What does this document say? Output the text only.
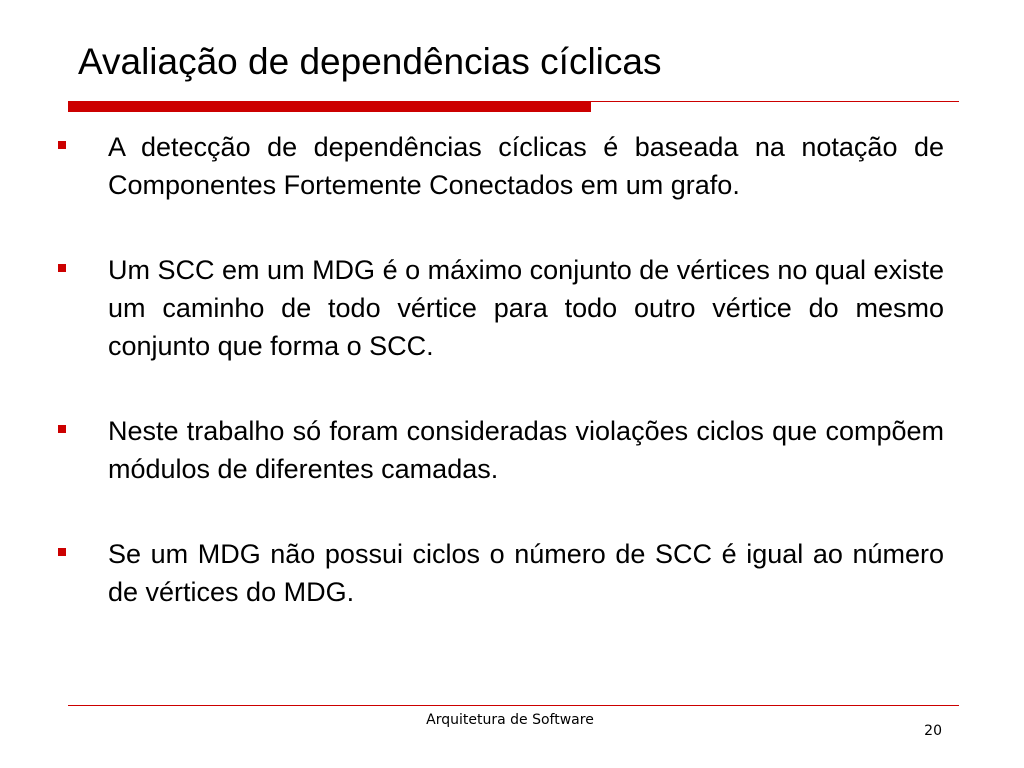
Avaliação de dependências cíclicas
A detecção de dependências cíclicas é baseada na notação de Componentes Fortemente Conectados em um grafo.
Um SCC em um MDG é o máximo conjunto de vértices no qual existe um caminho de todo vértice para todo outro vértice do mesmo conjunto que forma o SCC.
Neste trabalho só foram consideradas violações ciclos que compõem módulos de diferentes camadas.
Se um MDG não possui ciclos o número de SCC é igual ao número de vértices do MDG.
Arquitetura de Software
20
